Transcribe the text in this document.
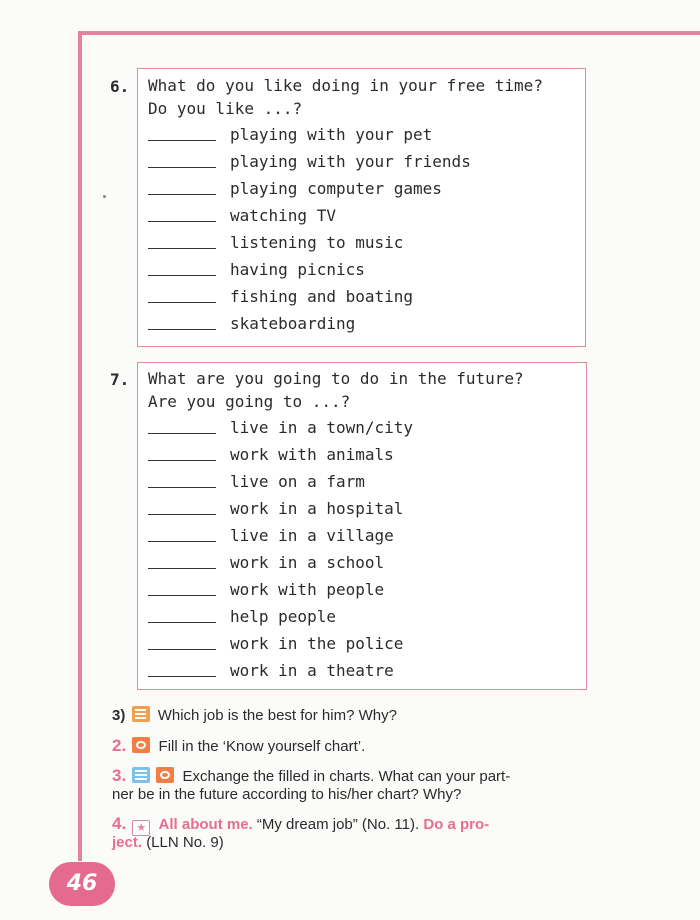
6. What do you like doing in your free time?
Do you like ...?
playing with your pet
playing with your friends
playing computer games
watching TV
listening to music
having picnics
fishing and boating
skateboarding
7. What are you going to do in the future?
Are you going to ...?
live in a town/city
work with animals
live on a farm
work in a hospital
live in a village
work in a school
work with people
help people
work in the police
work in a theatre
3) Which job is the best for him? Why?
2. Fill in the ‘Know yourself chart’.
3.	Exchange the filled in charts. What can your part-
ner be in the future according to his/her chart? Why?
4. ★ All about me. “My dream job” (No. 11). Do a pro-
ject. (LLN No. 9)
46
